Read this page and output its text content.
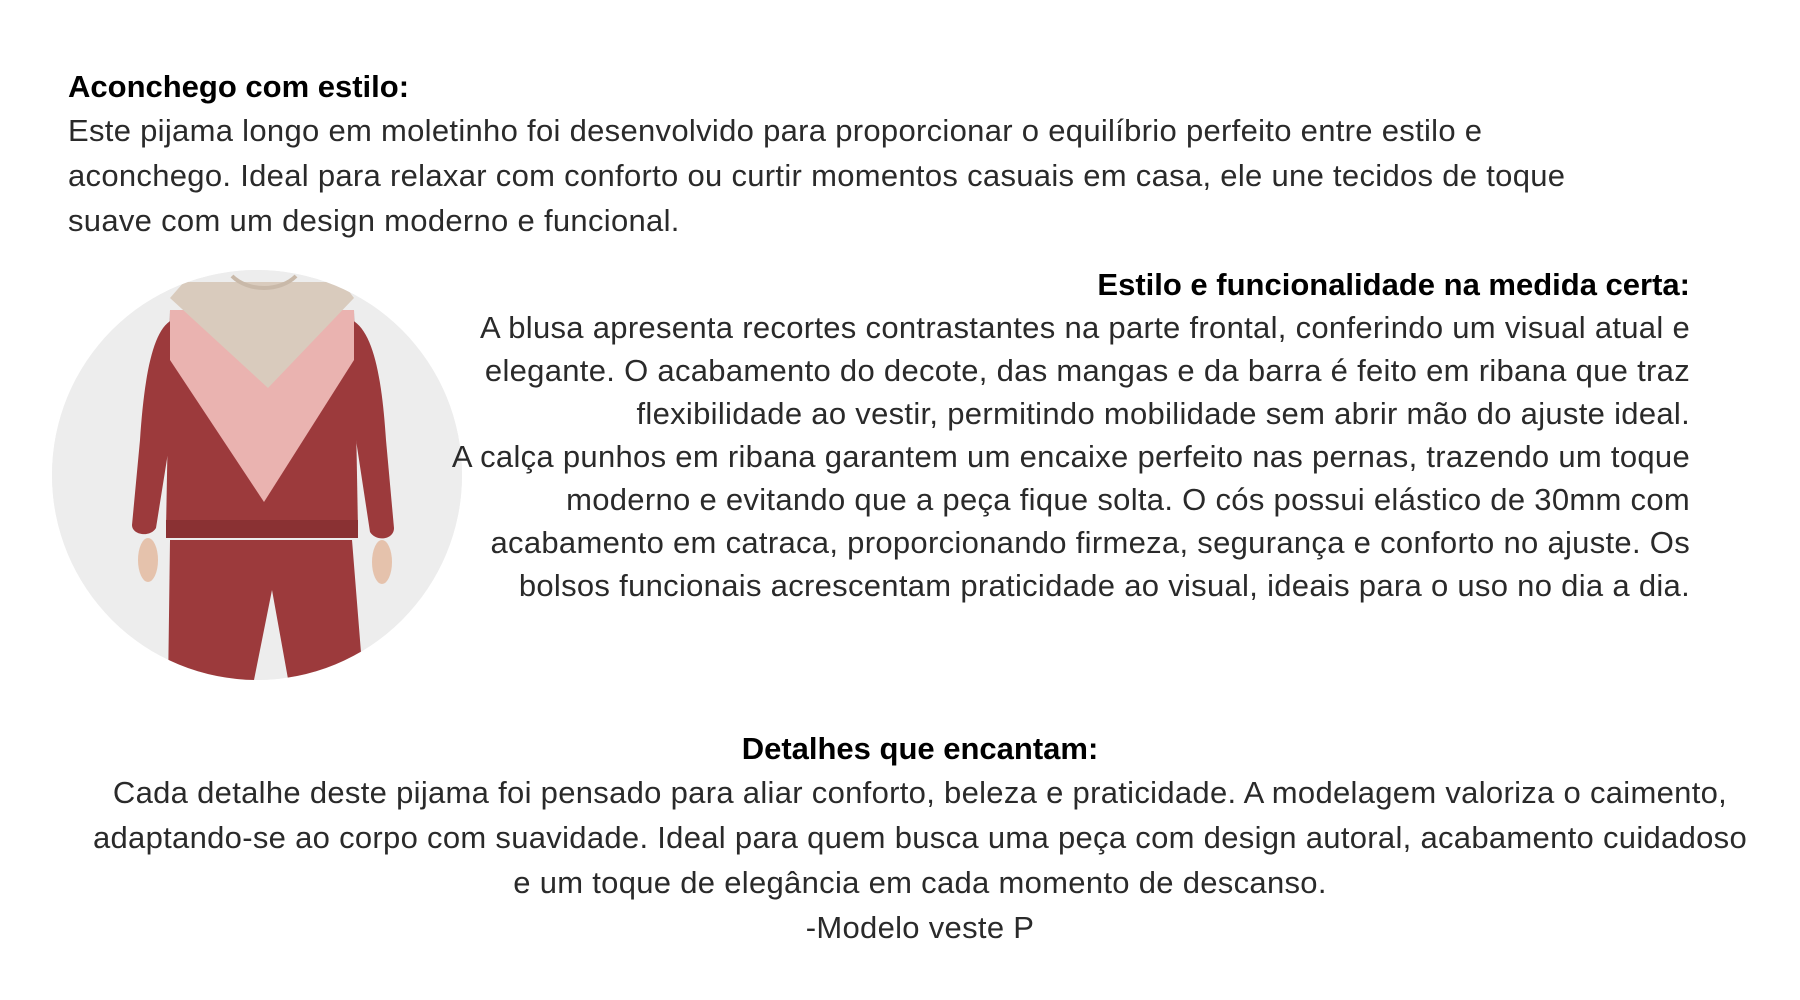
Aconchego com estilo:

Este pijama longo em moletinho foi desenvolvido para proporcionar o equilíbrio perfeito entre estilo e

aconchego. Ideal para relaxar com conforto ou curtir momentos casuais em casa, ele une tecidos de toque

suave com um design moderno e funcional.

Estilo e funcionalidade na medida certa:

A blusa apresenta recortes contrastantes na parte frontal, conferindo um visual atual e

elegante. O acabamento do decote, das mangas e da barra é feito em ribana que traz

flexibilidade ao vestir, permitindo mobilidade sem abrir mão do ajuste ideal.

A calça punhos em ribana garantem um encaixe perfeito nas pernas, trazendo um toque

moderno e evitando que a peça fique solta. O cós possui elástico de 30mm com

acabamento em catraca, proporcionando firmeza, segurança e conforto no ajuste. Os

bolsos funcionais acrescentam praticidade ao visual, ideais para o uso no dia a dia.

Detalhes que encantam:

Cada detalhe deste pijama foi pensado para aliar conforto, beleza e praticidade. A modelagem valoriza o caimento,

adaptando-se ao corpo com suavidade. Ideal para quem busca uma peça com design autoral, acabamento cuidadoso

e um toque de elegância em cada momento de descanso.

-Modelo veste P
